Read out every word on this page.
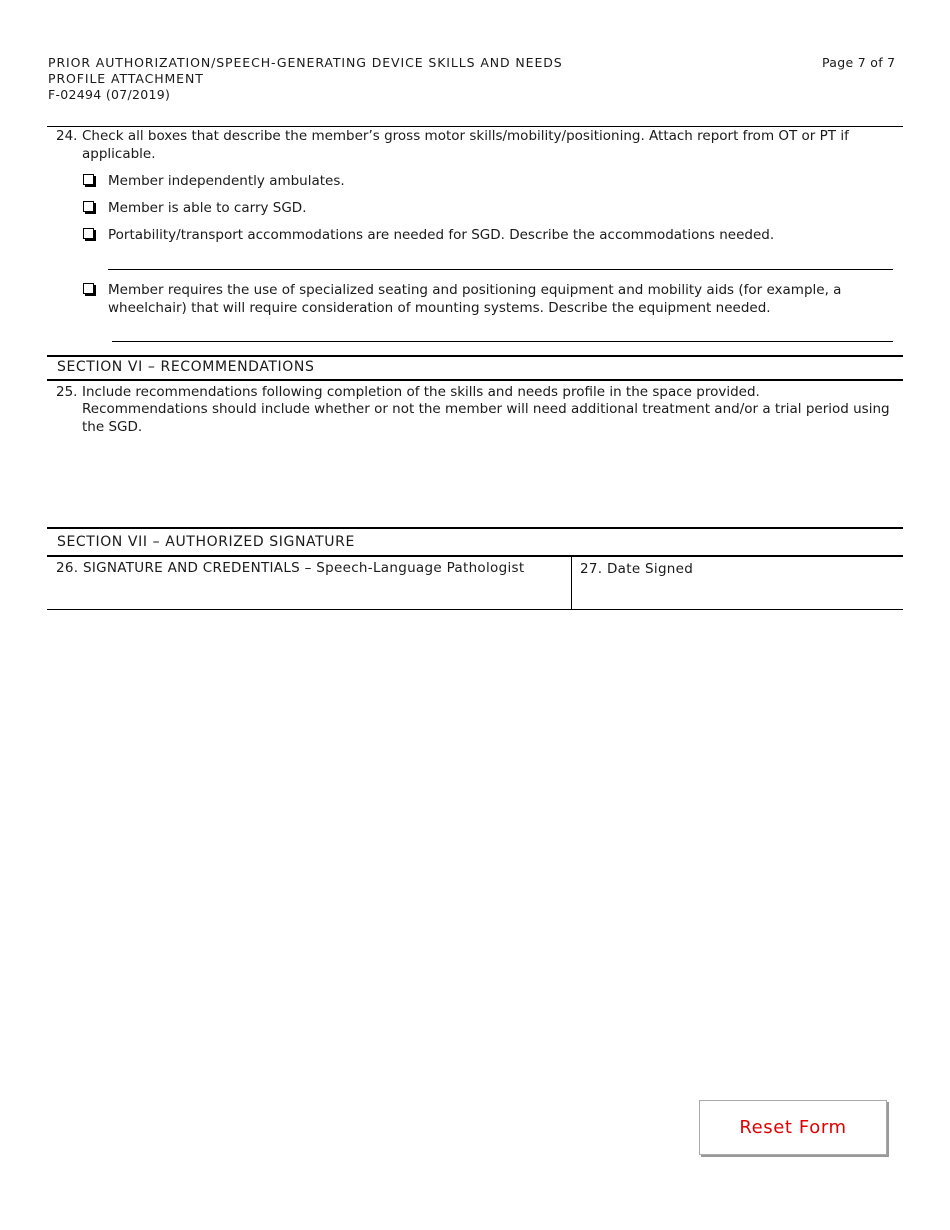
PRIOR AUTHORIZATION/SPEECH-GENERATING DEVICE SKILLS AND NEEDS
PROFILE ATTACHMENT
F-02494 (07/2019)
Page 7 of 7
24. Check all boxes that describe the member’s gross motor skills/mobility/positioning. Attach report from OT or PT if
applicable.
Member independently ambulates.
Member is able to carry SGD.
Portability/transport accommodations are needed for SGD. Describe the accommodations needed.
Member requires the use of specialized seating and positioning equipment and mobility aids (for example, a
wheelchair) that will require consideration of mounting systems. Describe the equipment needed.
SECTION VI – RECOMMENDATIONS
25. Include recommendations following completion of the skills and needs profile in the space provided.
Recommendations should include whether or not the member will need additional treatment and/or a trial period using
the SGD.
SECTION VII – AUTHORIZED SIGNATURE
26. SIGNATURE AND CREDENTIALS – Speech-Language Pathologist	27. Date Signed
Reset Form
